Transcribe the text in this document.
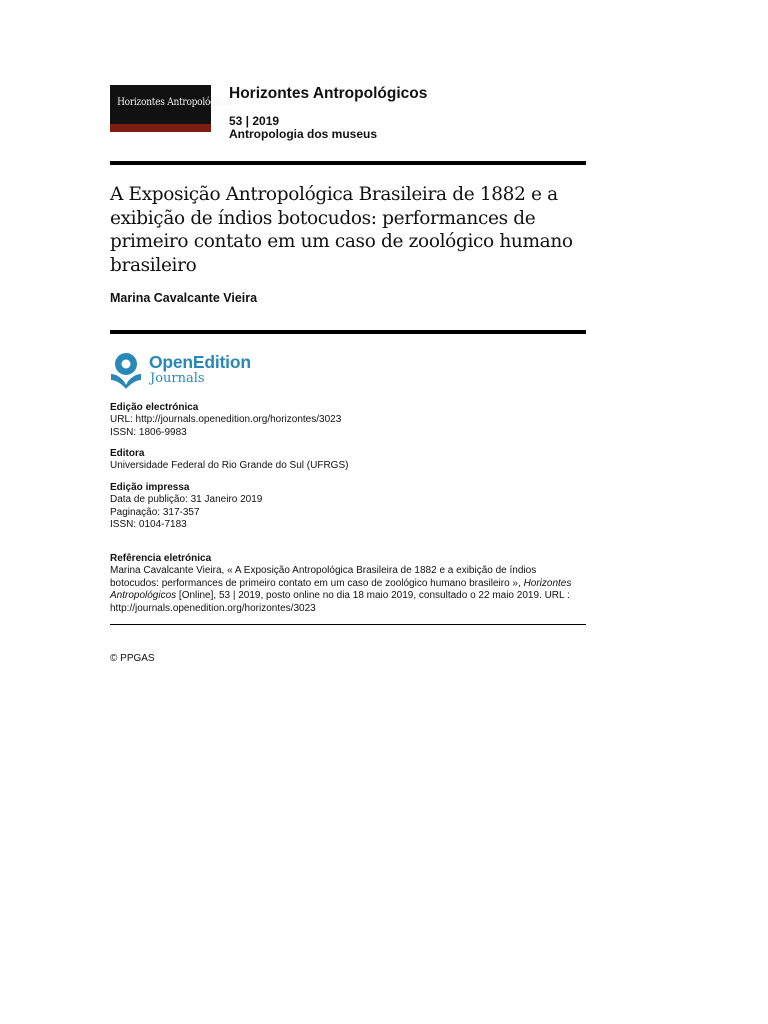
Horizontes Antropológicos
Horizontes Antropológicos
53 | 2019
Antropologia dos museus
A Exposição Antropológica Brasileira de 1882 e a exibição de índios botocudos: performances de primeiro contato em um caso de zoológico humano brasileiro
Marina Cavalcante Vieira
OpenEdition
Journals
Edição electrónica
URL: http://journals.openedition.org/horizontes/3023
ISSN: 1806-9983
Editora
Universidade Federal do Rio Grande do Sul (UFRGS)
Edição impressa
Data de publição: 31 Janeiro 2019
Paginação: 317-357
ISSN: 0104-7183
Refêrencia eletrónica
Marina Cavalcante Vieira, « A Exposição Antropológica Brasileira de 1882 e a exibição de índios botocudos: performances de primeiro contato em um caso de zoológico humano brasileiro », Horizontes Antropológicos [Online], 53 | 2019, posto online no dia 18 maio 2019, consultado o 22 maio 2019. URL : http://journals.openedition.org/horizontes/3023
© PPGAS
